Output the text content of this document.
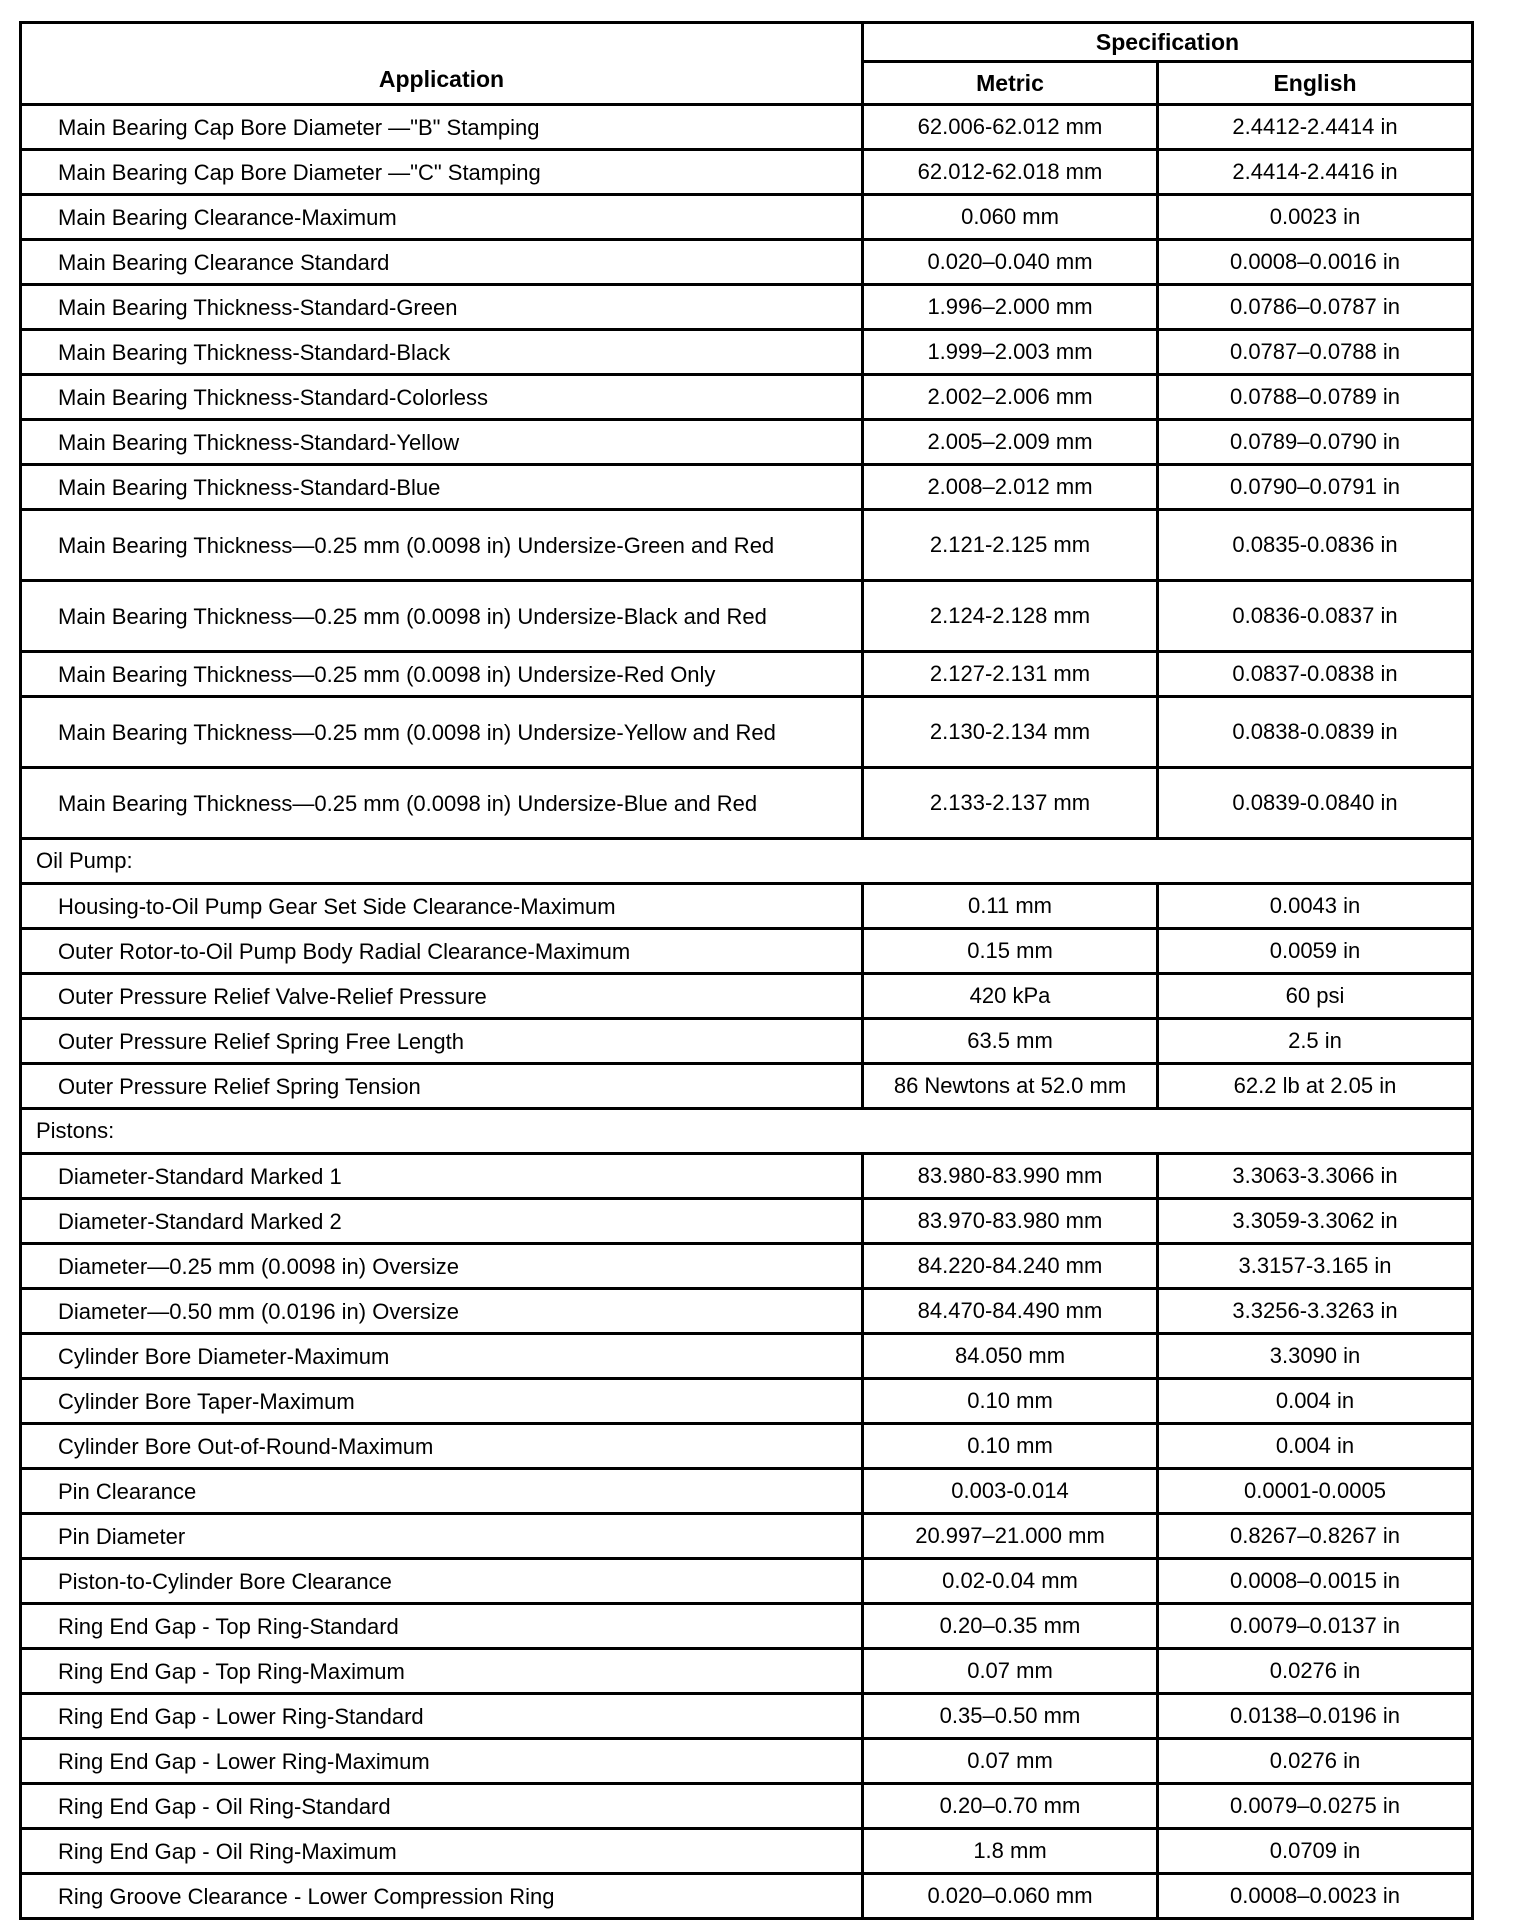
Application	Specification	
	Metric	English
Main Bearing Cap Bore Diameter —"B" Stamping	62.006-62.012 mm	2.4412-2.4414 in
Main Bearing Cap Bore Diameter —"C" Stamping	62.012-62.018 mm	2.4414-2.4416 in
Main Bearing Clearance-Maximum	0.060 mm	0.0023 in
Main Bearing Clearance Standard	0.020–0.040 mm	0.0008–0.0016 in
Main Bearing Thickness-Standard-Green	1.996–2.000 mm	0.0786–0.0787 in
Main Bearing Thickness-Standard-Black	1.999–2.003 mm	0.0787–0.0788 in
Main Bearing Thickness-Standard-Colorless	2.002–2.006 mm	0.0788–0.0789 in
Main Bearing Thickness-Standard-Yellow	2.005–2.009 mm	0.0789–0.0790 in
Main Bearing Thickness-Standard-Blue	2.008–2.012 mm	0.0790–0.0791 in
Main Bearing Thickness—0.25 mm (0.0098 in) Undersize-Green and Red	2.121-2.125 mm	0.0835-0.0836 in
Main Bearing Thickness—0.25 mm (0.0098 in) Undersize-Black and Red	2.124-2.128 mm	0.0836-0.0837 in
Main Bearing Thickness—0.25 mm (0.0098 in) Undersize-Red Only	2.127-2.131 mm	0.0837-0.0838 in
Main Bearing Thickness—0.25 mm (0.0098 in) Undersize-Yellow and Red	2.130-2.134 mm	0.0838-0.0839 in
Main Bearing Thickness—0.25 mm (0.0098 in) Undersize-Blue and Red	2.133-2.137 mm	0.0839-0.0840 in
Oil Pump:		
Housing-to-Oil Pump Gear Set Side Clearance-Maximum	0.11 mm	0.0043 in
Outer Rotor-to-Oil Pump Body Radial Clearance-Maximum	0.15 mm	0.0059 in
Outer Pressure Relief Valve-Relief Pressure	420 kPa	60 psi
Outer Pressure Relief Spring Free Length	63.5 mm	2.5 in
Outer Pressure Relief Spring Tension	86 Newtons at 52.0 mm	62.2 lb at 2.05 in
Pistons:		
Diameter-Standard Marked 1	83.980-83.990 mm	3.3063-3.3066 in
Diameter-Standard Marked 2	83.970-83.980 mm	3.3059-3.3062 in
Diameter—0.25 mm (0.0098 in) Oversize	84.220-84.240 mm	3.3157-3.165 in
Diameter—0.50 mm (0.0196 in) Oversize	84.470-84.490 mm	3.3256-3.3263 in
Cylinder Bore Diameter-Maximum	84.050 mm	3.3090 in
Cylinder Bore Taper-Maximum	0.10 mm	0.004 in
Cylinder Bore Out-of-Round-Maximum	0.10 mm	0.004 in
Pin Clearance	0.003-0.014	0.0001-0.0005
Pin Diameter	20.997–21.000 mm	0.8267–0.8267 in
Piston-to-Cylinder Bore Clearance	0.02-0.04 mm	0.0008–0.0015 in
Ring End Gap - Top Ring-Standard	0.20–0.35 mm	0.0079–0.0137 in
Ring End Gap - Top Ring-Maximum	0.07 mm	0.0276 in
Ring End Gap - Lower Ring-Standard	0.35–0.50 mm	0.0138–0.0196 in
Ring End Gap - Lower Ring-Maximum	0.07 mm	0.0276 in
Ring End Gap - Oil Ring-Standard	0.20–0.70 mm	0.0079–0.0275 in
Ring End Gap - Oil Ring-Maximum	1.8 mm	0.0709 in
Ring Groove Clearance - Lower Compression Ring	0.020–0.060 mm	0.0008–0.0023 in
